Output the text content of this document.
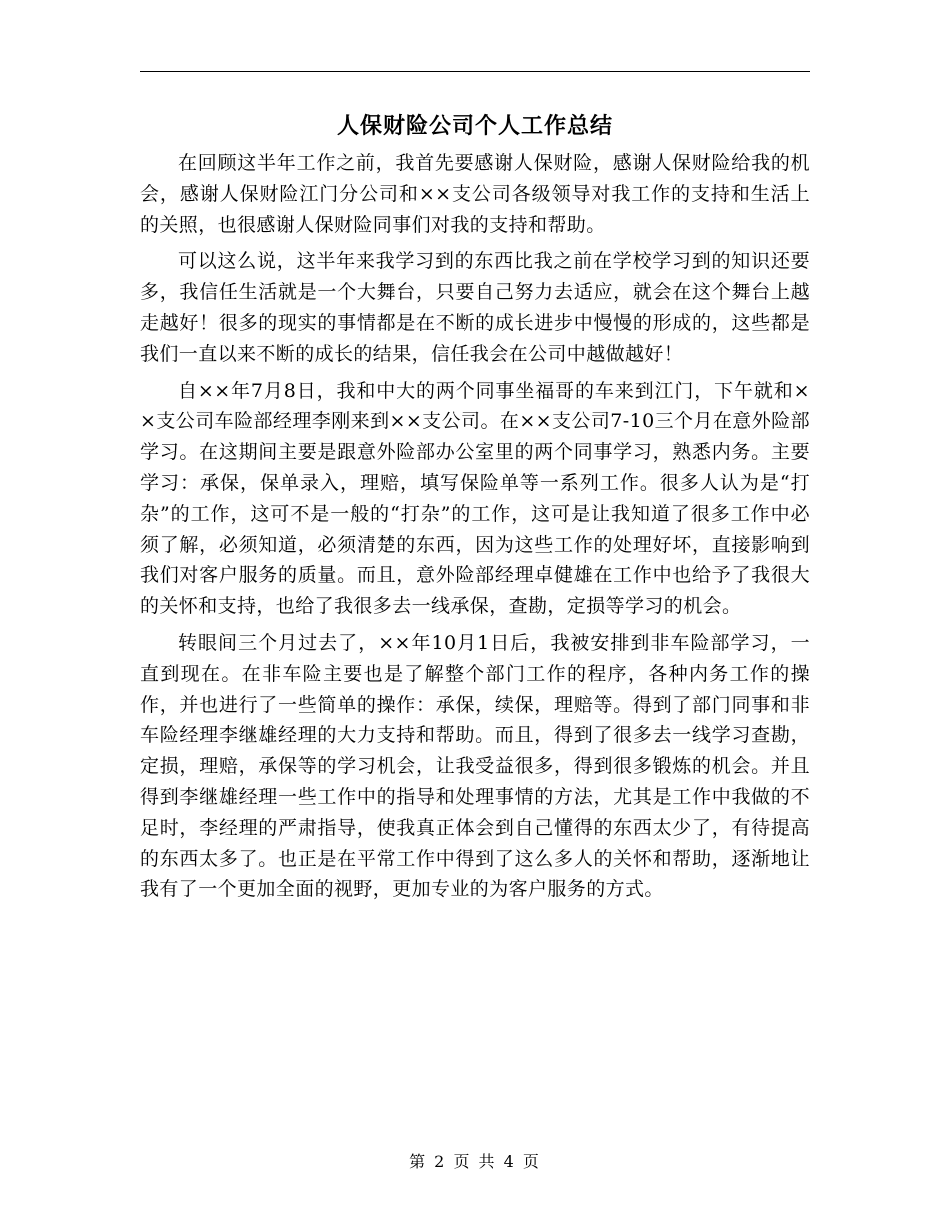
人保财险公司个人工作总结

在回顾这半年工作之前，我首先要感谢人保财险，感谢人保财险给我的机会，感谢人保财险江门分公司和××支公司各级领导对我工作的支持和生活上的关照，也很感谢人保财险同事们对我的支持和帮助。

可以这么说，这半年来我学习到的东西比我之前在学校学习到的知识还要多，我信任生活就是一个大舞台，只要自己努力去适应，就会在这个舞台上越走越好！很多的现实的事情都是在不断的成长进步中慢慢的形成的，这些都是我们一直以来不断的成长的结果，信任我会在公司中越做越好！

自××年7月8日，我和中大的两个同事坐福哥的车来到江门，下午就和××支公司车险部经理李刚来到××支公司。在××支公司7-10三个月在意外险部学习。在这期间主要是跟意外险部办公室里的两个同事学习，熟悉内务。主要学习：承保，保单录入，理赔，填写保险单等一系列工作。很多人认为是“打杂”的工作，这可不是一般的“打杂”的工作，这可是让我知道了很多工作中必须了解，必须知道，必须清楚的东西，因为这些工作的处理好坏，直接影响到我们对客户服务的质量。而且，意外险部经理卓健雄在工作中也给予了我很大的关怀和支持，也给了我很多去一线承保，查勘，定损等学习的机会。

转眼间三个月过去了，××年10月1日后，我被安排到非车险部学习，一直到现在。在非车险主要也是了解整个部门工作的程序，各种内务工作的操作，并也进行了一些简单的操作：承保，续保，理赔等。得到了部门同事和非车险经理李继雄经理的大力支持和帮助。而且，得到了很多去一线学习查勘，定损，理赔，承保等的学习机会，让我受益很多，得到很多锻炼的机会。并且得到李继雄经理一些工作中的指导和处理事情的方法，尤其是工作中我做的不足时，李经理的严肃指导，使我真正体会到自己懂得的东西太少了，有待提高的东西太多了。也正是在平常工作中得到了这么多人的关怀和帮助，逐渐地让我有了一个更加全面的视野，更加专业的为客户服务的方式。

第 2 页 共 4 页
